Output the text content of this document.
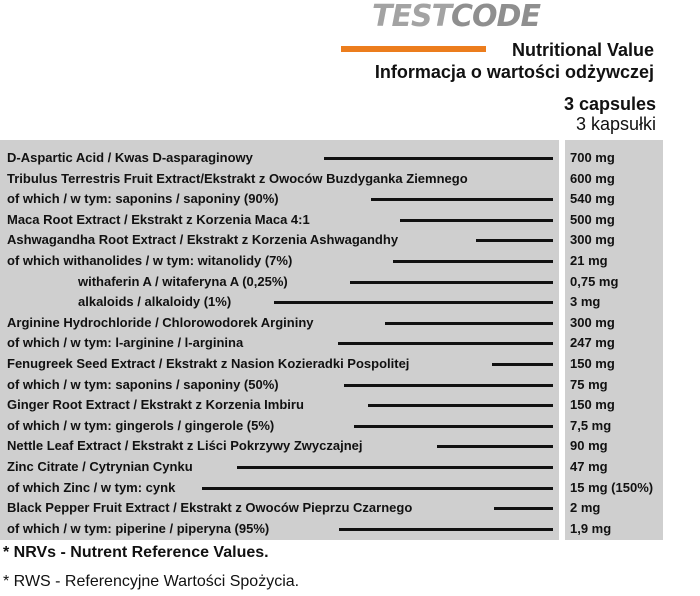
TESTCODE
Nutritional Value
Informacja o wartości odżywczej
3 capsules
3 kapsułki
D-Aspartic Acid / Kwas D-asparaginowy	700 mg
Tribulus Terrestris Fruit Extract/Ekstrakt z Owoców Buzdyganka Ziemnego	600 mg
of which / w tym: saponins / saponiny (90%)	540 mg
Maca Root Extract / Ekstrakt z Korzenia Maca 4:1	500 mg
Ashwagandha Root Extract / Ekstrakt z Korzenia Ashwagandhy	300 mg
of which withanolides / w tym: witanolidy (7%)	21 mg
withaferin A / witaferyna A (0,25%)	0,75 mg
alkaloids / alkaloidy (1%)	3 mg
Arginine Hydrochloride / Chlorowodorek Argininy	300 mg
of which / w tym: l-arginine / l-arginina	247 mg
Fenugreek Seed Extract / Ekstrakt z Nasion Kozieradki Pospolitej	150 mg
of which / w tym: saponins / saponiny (50%)	75 mg
Ginger Root Extract / Ekstrakt z Korzenia Imbiru	150 mg
of which / w tym: gingerols / gingerole (5%)	7,5 mg
Nettle Leaf Extract / Ekstrakt z Liści Pokrzywy Zwyczajnej	90 mg
Zinc Citrate / Cytrynian Cynku	47 mg
of which Zinc / w tym: cynk	15 mg (150%)
Black Pepper Fruit Extract / Ekstrakt z Owoców Pieprzu Czarnego	2 mg
of which / w tym: piperine / piperyna (95%)	1,9 mg
* NRVs - Nutrent Reference Values.
* RWS - Referencyjne Wartości Spożycia.
